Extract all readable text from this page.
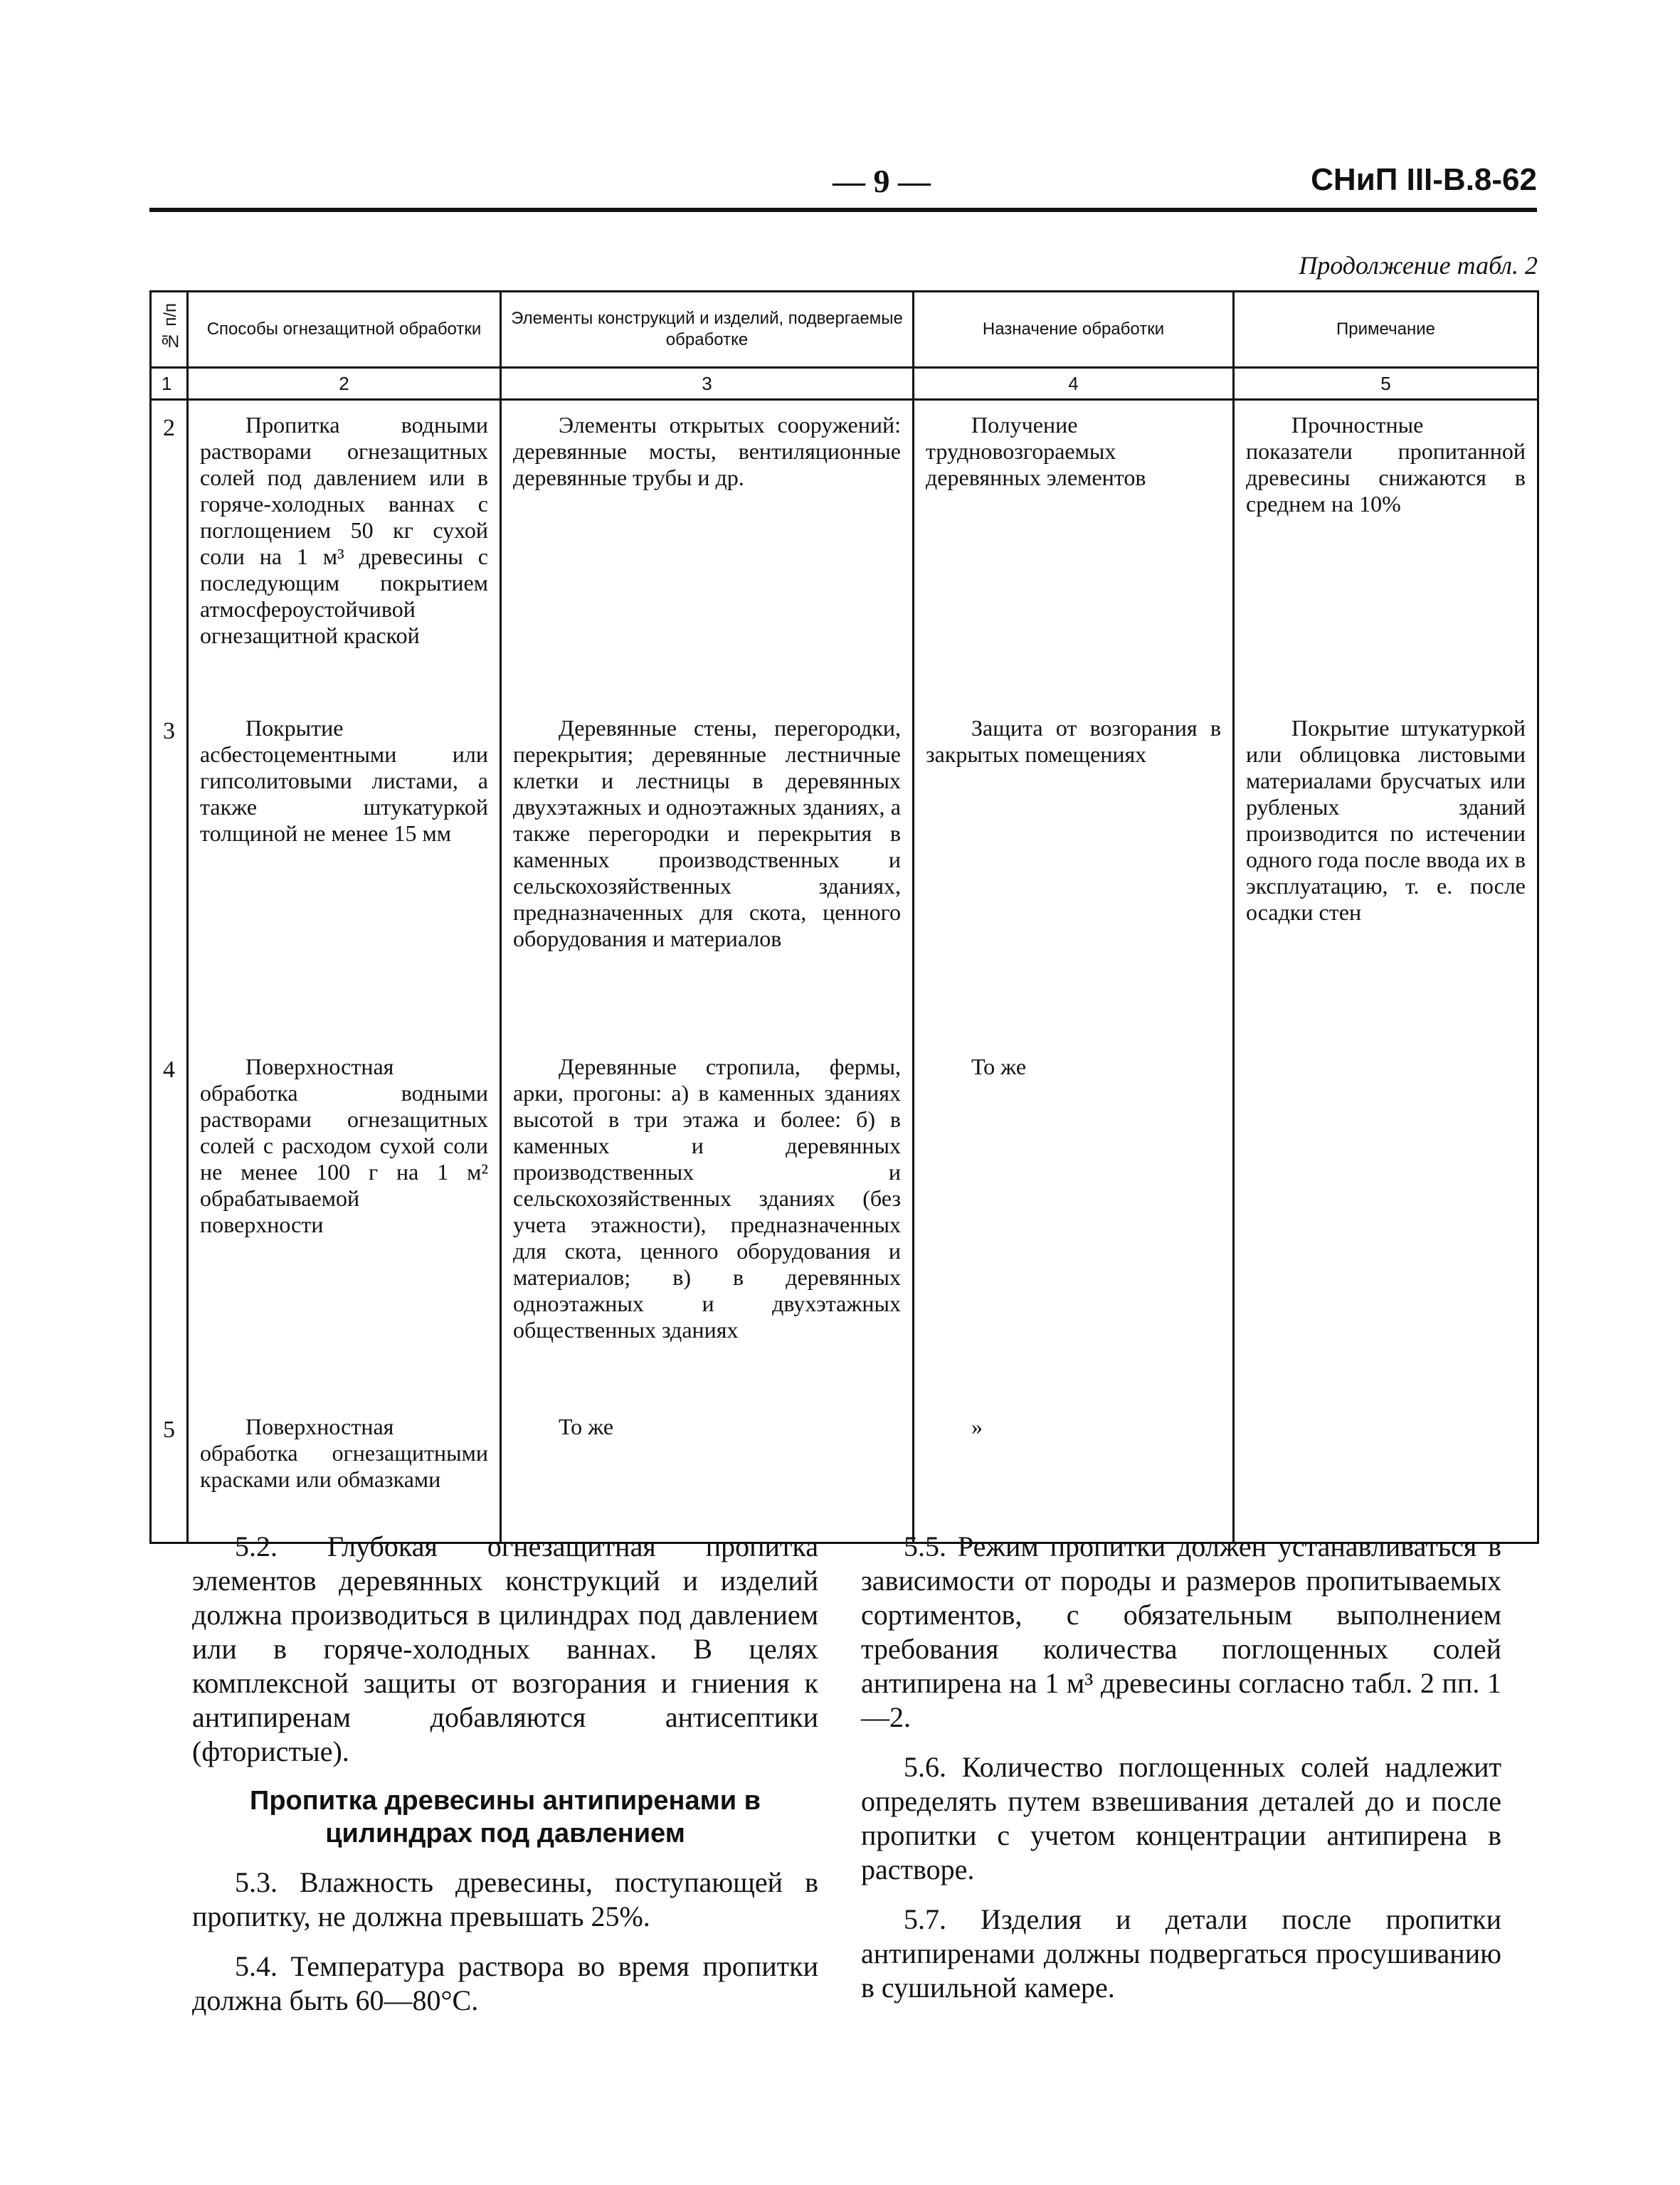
— 9 —	СНиП III-В.8-62
Продолжение табл. 2
№ п/п	Способы огнезащитной обработки	Элементы конструкций и изделий, подвергаемые обработке	Назначение обработки	Примечание
1	2	3	4	5
2	Пропитка водными растворами огнезащитных солей под давлением или в горяче-холодных ваннах с поглощением 50 кг сухой соли на 1 м³ древесины с последующим покрытием атмосфероустойчивой огнезащитной краской	Элементы открытых сооружений: деревянные мосты, вентиляционные деревянные трубы и др.	Получение трудновозгораемых деревянных элементов	Прочностные показатели пропитанной древесины снижаются в среднем на 10%
3	Покрытие асбестоцементными или гипсолитовыми листами, а также штукатуркой толщиной не менее 15 мм	Деревянные стены, перегородки, перекрытия; деревянные лестничные клетки и лестницы в деревянных двухэтажных и одноэтажных зданиях, а также перегородки и перекрытия в каменных производственных и сельскохозяйственных зданиях, предназначенных для скота, ценного оборудования и материалов	Защита от возгорания в закрытых помещениях	Покрытие штукатуркой или облицовка листовыми материалами брусчатых или рубленых зданий производится по истечении одного года после ввода их в эксплуатацию, т. е. после осадки стен
4	Поверхностная обработка водными растворами огнезащитных солей с расходом сухой соли не менее 100 г на 1 м² обрабатываемой поверхности	Деревянные стропила, фермы, арки, прогоны: а) в каменных зданиях высотой в три этажа и более: б) в каменных и деревянных производственных и сельскохозяйственных зданиях (без учета этажности), предназначенных для скота, ценного оборудования и материалов; в) в деревянных одноэтажных и двухэтажных общественных зданиях	То же	
5	Поверхностная обработка огнезащитными красками или обмазками	То же	»	

5.2. Глубокая огнезащитная пропитка элементов деревянных конструкций и изделий должна производиться в цилиндрах под давлением или в горяче-холодных ваннах. В целях комплексной защиты от возгорания и гниения к антипиренам добавляются антисептики (фтористые).

Пропитка древесины антипиренами в цилиндрах под давлением

5.3. Влажность древесины, поступающей в пропитку, не должна превышать 25%.

5.4. Температура раствора во время пропитки должна быть 60—80°С.

5.5. Режим пропитки должен устанавливаться в зависимости от породы и размеров пропитываемых сортиментов, с обязательным выполнением требования количества поглощенных солей антипирена на 1 м³ древесины согласно табл. 2 пп. 1—2.

5.6. Количество поглощенных солей надлежит определять путем взвешивания деталей до и после пропитки с учетом концентрации антипирена в растворе.

5.7. Изделия и детали после пропитки антипиренами должны подвергаться просушиванию в сушильной камере.
